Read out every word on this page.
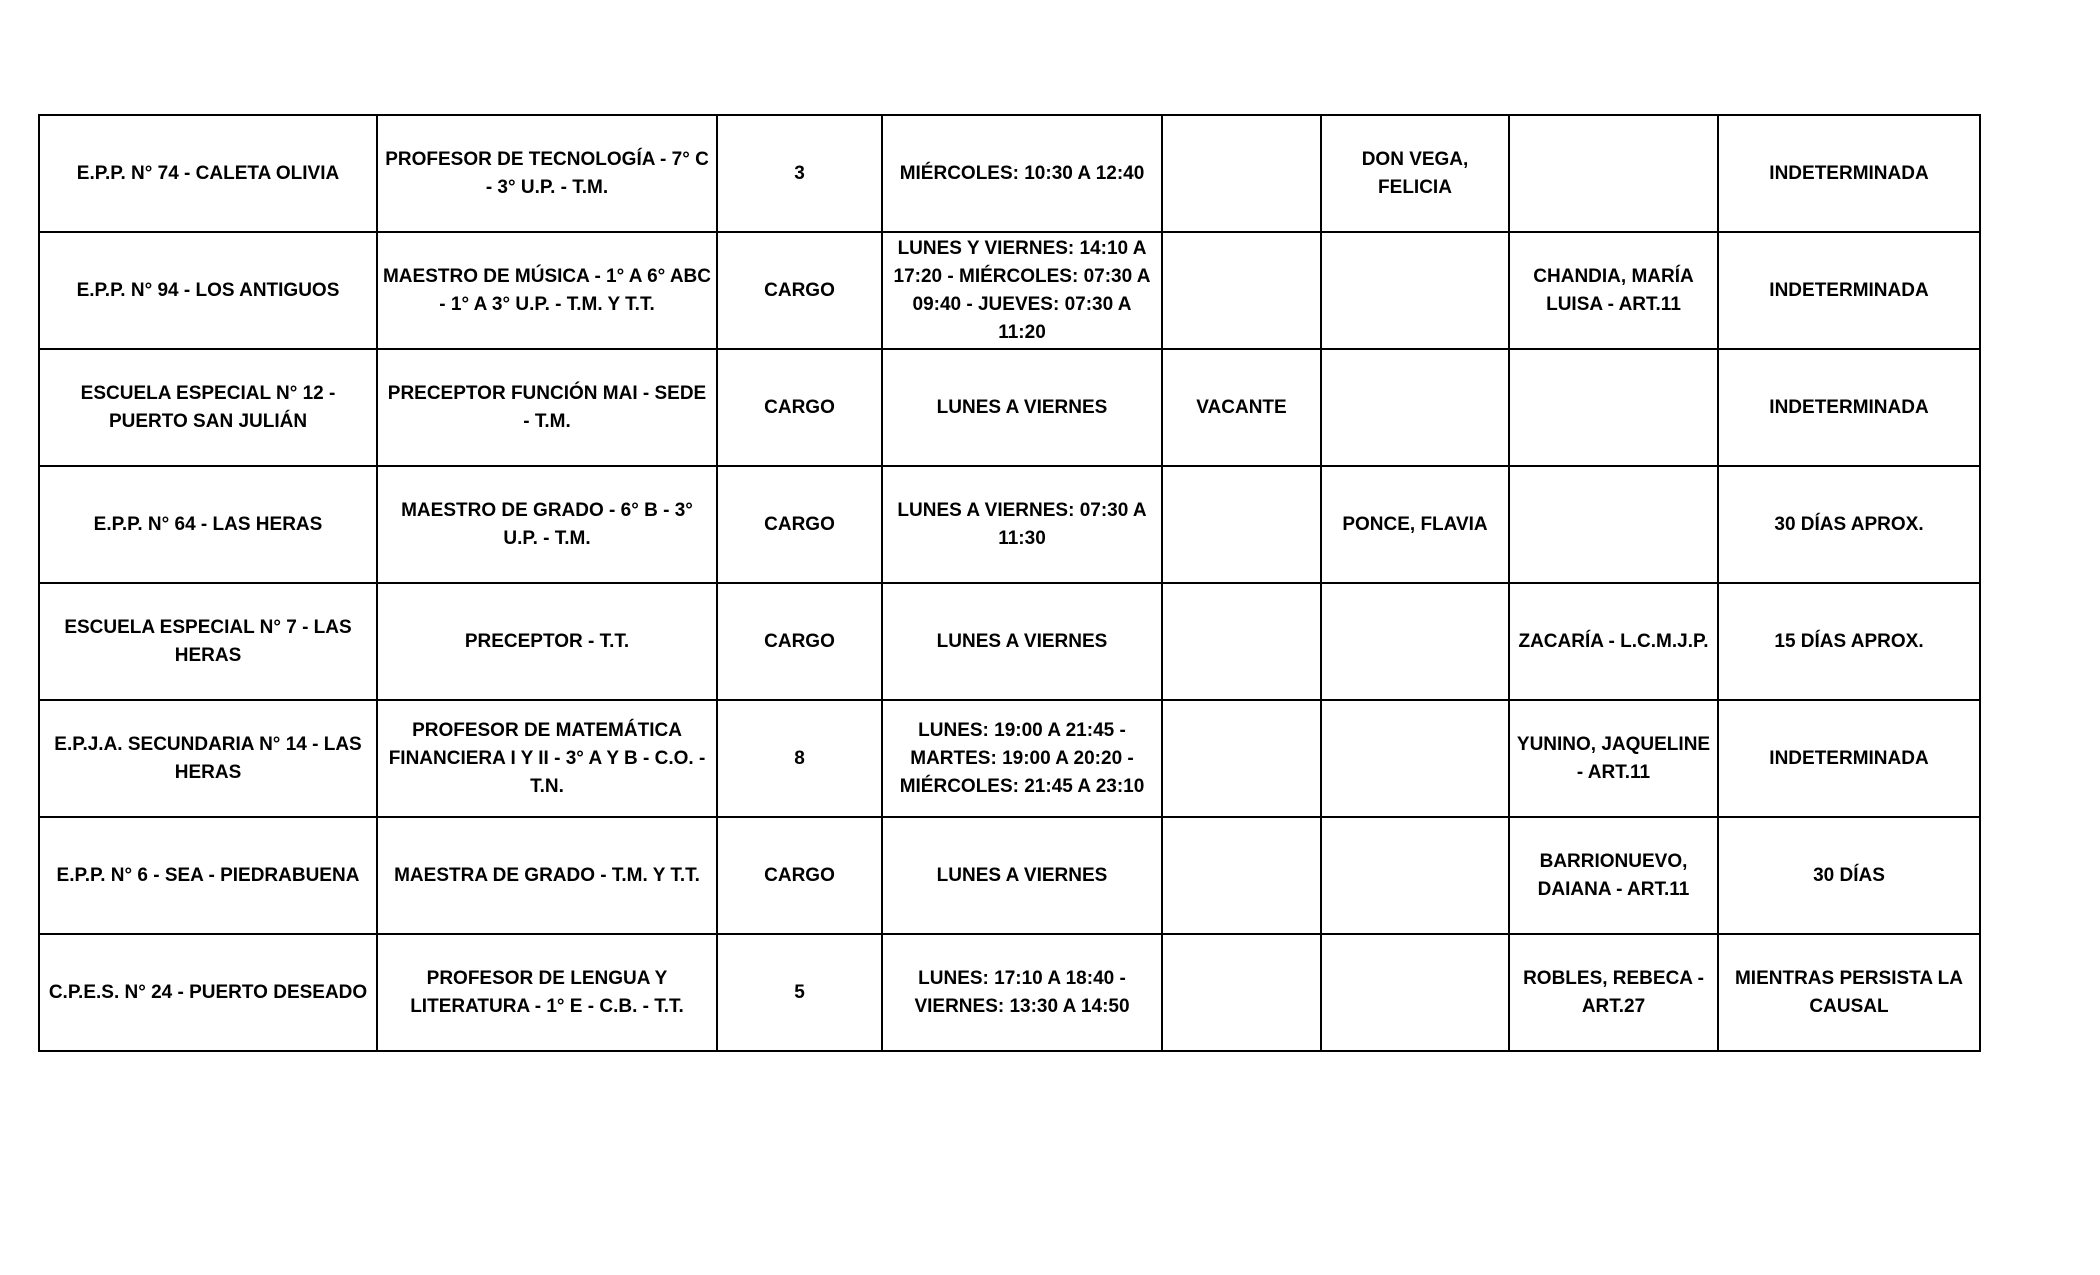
E.P.P. N° 74 - CALETA OLIVIA	PROFESOR DE TECNOLOGÍA - 7° C - 3° U.P. - T.M.	3	MIÉRCOLES: 10:30 A 12:40		DON VEGA, FELICIA		INDETERMINADA
E.P.P. N° 94 - LOS ANTIGUOS	MAESTRO DE MÚSICA - 1° A 6° ABC - 1° A 3° U.P. - T.M. Y T.T.	CARGO	LUNES Y VIERNES: 14:10 A 17:20 - MIÉRCOLES: 07:30 A 09:40 - JUEVES: 07:30 A 11:20			CHANDIA, MARÍA LUISA - ART.11	INDETERMINADA
ESCUELA ESPECIAL N° 12 - PUERTO SAN JULIÁN	PRECEPTOR FUNCIÓN MAI - SEDE - T.M.	CARGO	LUNES A VIERNES	VACANTE			INDETERMINADA
E.P.P. N° 64 - LAS HERAS	MAESTRO DE GRADO - 6° B - 3° U.P. - T.M.	CARGO	LUNES A VIERNES: 07:30 A 11:30		PONCE, FLAVIA		30 DÍAS APROX.
ESCUELA ESPECIAL N° 7 - LAS HERAS	PRECEPTOR - T.T.	CARGO	LUNES A VIERNES			ZACARÍA - L.C.M.J.P.	15 DÍAS APROX.
E.P.J.A. SECUNDARIA N° 14 - LAS HERAS	PROFESOR DE MATEMÁTICA FINANCIERA I Y II - 3° A Y B - C.O. - T.N.	8	LUNES: 19:00 A 21:45 - MARTES: 19:00 A 20:20 - MIÉRCOLES: 21:45 A 23:10			YUNINO, JAQUELINE - ART.11	INDETERMINADA
E.P.P. N° 6 - SEA - PIEDRABUENA	MAESTRA DE GRADO - T.M. Y T.T.	CARGO	LUNES A VIERNES			BARRIONUEVO, DAIANA - ART.11	30 DÍAS
C.P.E.S. N° 24 - PUERTO DESEADO	PROFESOR DE LENGUA Y LITERATURA - 1° E - C.B. - T.T.	5	LUNES: 17:10 A 18:40 - VIERNES: 13:30 A 14:50			ROBLES, REBECA - ART.27	MIENTRAS PERSISTA LA CAUSAL
